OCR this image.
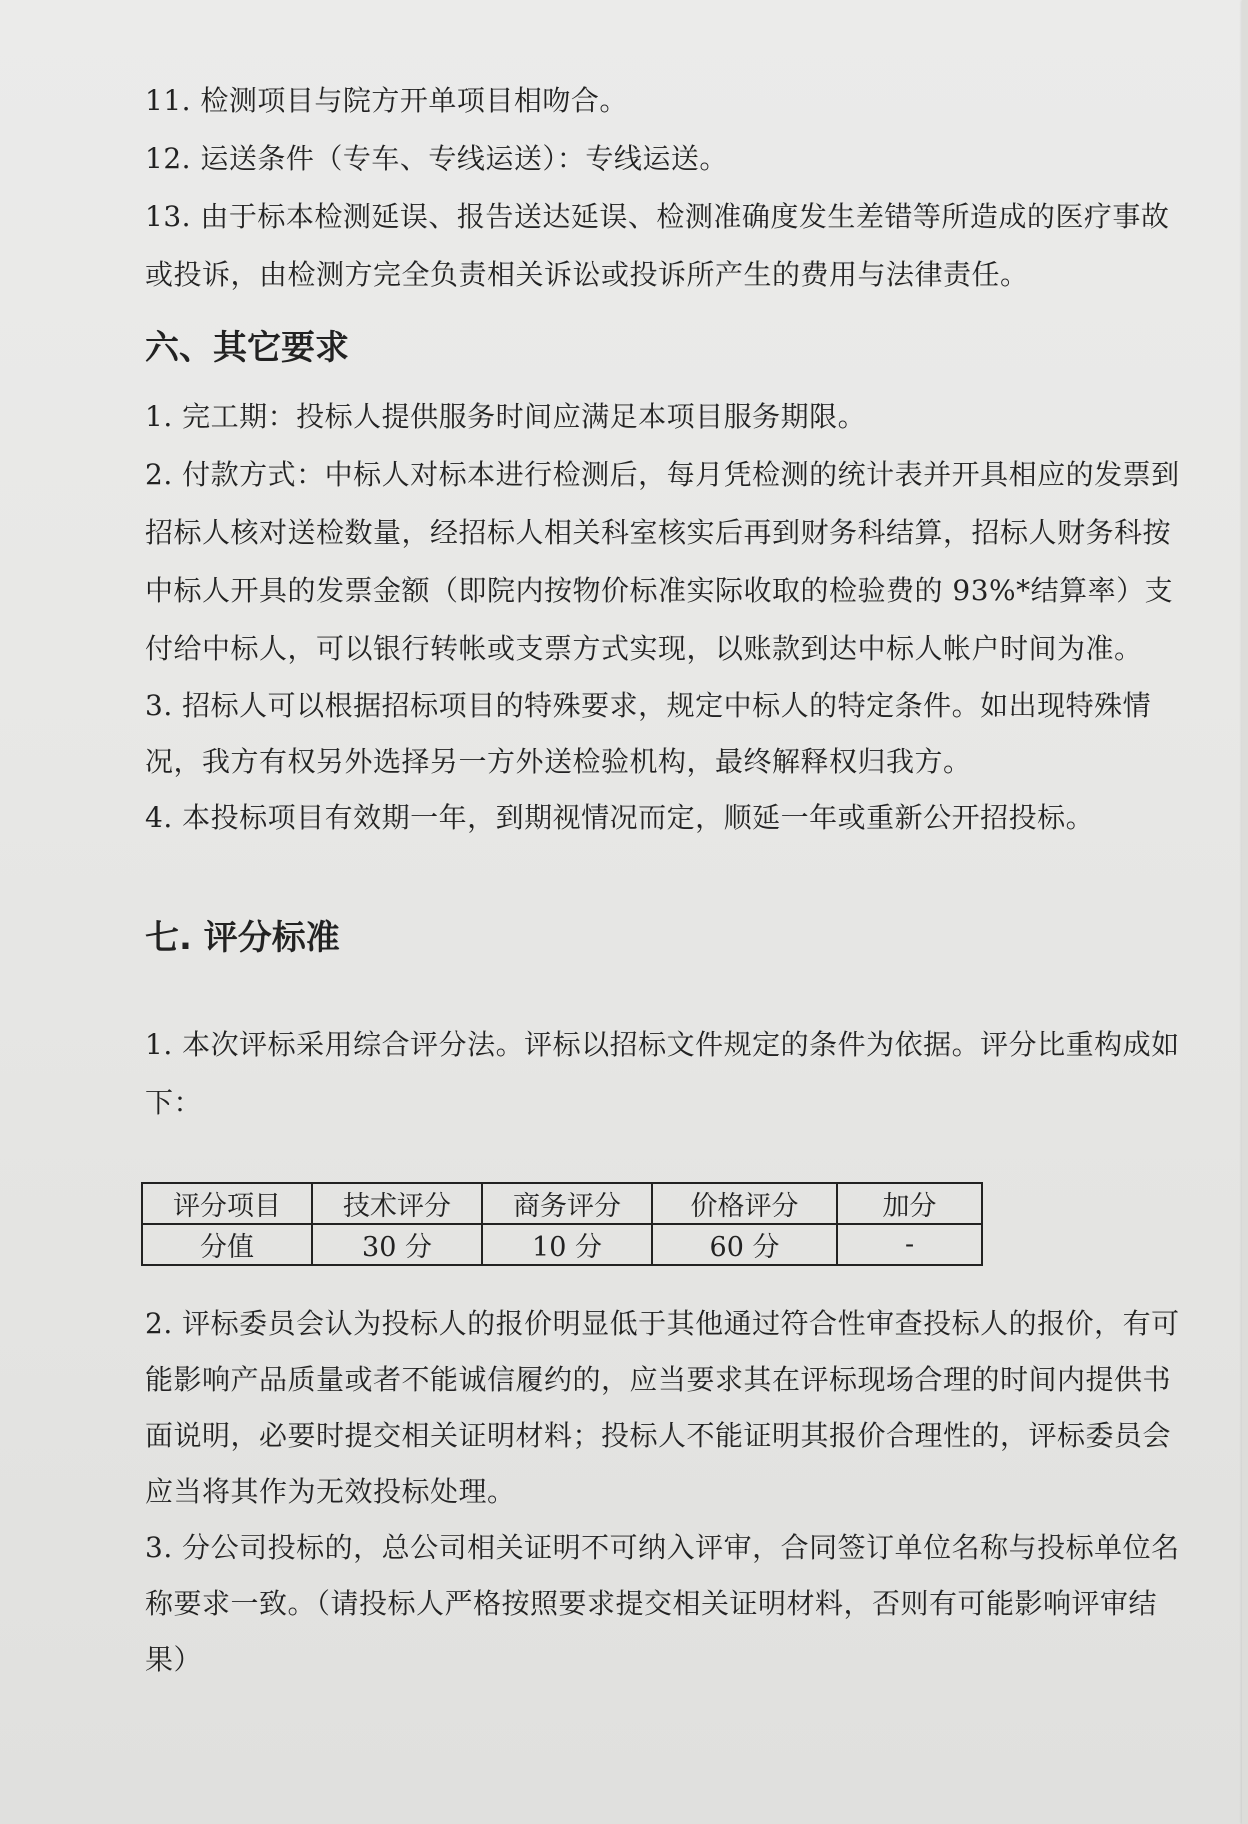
11. 检测项目与院方开单项目相吻合。

12. 运送条件（专车、专线运送）：专线运送。

13. 由于标本检测延误、报告送达延误、检测准确度发生差错等所造成的医疗事故或投诉，由检测方完全负责相关诉讼或投诉所产生的费用与法律责任。

六、其它要求

1. 完工期：投标人提供服务时间应满足本项目服务期限。

2. 付款方式：中标人对标本进行检测后，每月凭检测的统计表并开具相应的发票到招标人核对送检数量，经招标人相关科室核实后再到财务科结算，招标人财务科按中标人开具的发票金额（即院内按物价标准实际收取的检验费的 93%*结算率）支付给中标人，可以银行转帐或支票方式实现，以账款到达中标人帐户时间为准。

3. 招标人可以根据招标项目的特殊要求，规定中标人的特定条件。如出现特殊情况，我方有权另外选择另一方外送检验机构，最终解释权归我方。

4. 本投标项目有效期一年，到期视情况而定，顺延一年或重新公开招投标。

七. 评分标准

1. 本次评标采用综合评分法。评标以招标文件规定的条件为依据。评分比重构成如下：

评分项目	技术评分	商务评分	价格评分	加分
分值	30 分	10 分	60 分	-

2. 评标委员会认为投标人的报价明显低于其他通过符合性审查投标人的报价，有可能影响产品质量或者不能诚信履约的，应当要求其在评标现场合理的时间内提供书面说明，必要时提交相关证明材料；投标人不能证明其报价合理性的，评标委员会应当将其作为无效投标处理。

3. 分公司投标的，总公司相关证明不可纳入评审，合同签订单位名称与投标单位名称要求一致。（请投标人严格按照要求提交相关证明材料，否则有可能影响评审结果）
